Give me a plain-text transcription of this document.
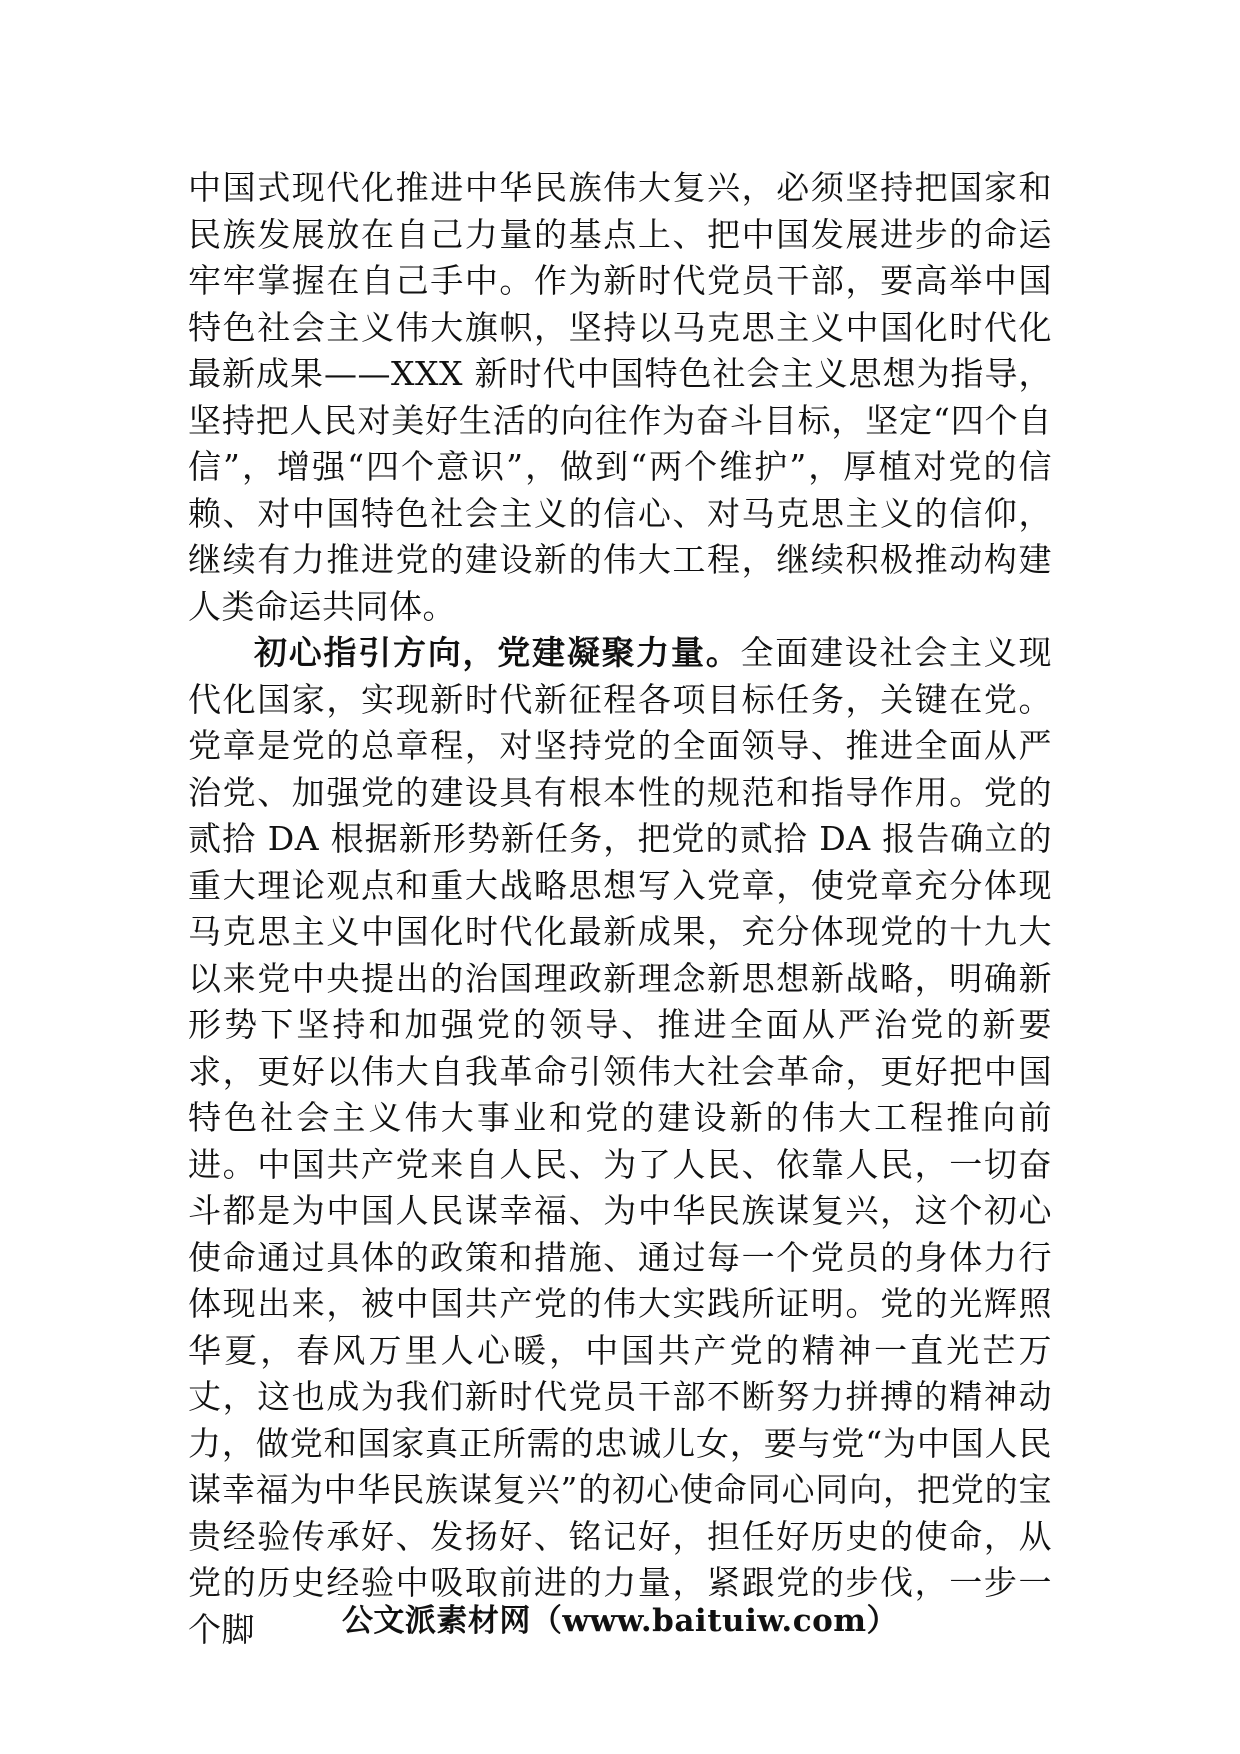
中国式现代化推进中华民族伟大复兴，必须坚持把国家和民族发展放在自己力量的基点上、把中国发展进步的命运牢牢掌握在自己手中。作为新时代党员干部，要高举中国特色社会主义伟大旗帜，坚持以马克思主义中国化时代化最新成果——XXX 新时代中国特色社会主义思想为指导，坚持把人民对美好生活的向往作为奋斗目标，坚定“四个自信”，增强“四个意识”，做到“两个维护”，厚植对党的信赖、对中国特色社会主义的信心、对马克思主义的信仰，继续有力推进党的建设新的伟大工程，继续积极推动构建人类命运共同体。

初心指引方向，党建凝聚力量。全面建设社会主义现代化国家，实现新时代新征程各项目标任务，关键在党。党章是党的总章程，对坚持党的全面领导、推进全面从严治党、加强党的建设具有根本性的规范和指导作用。党的贰拾 DA 根据新形势新任务，把党的贰拾 DA 报告确立的重大理论观点和重大战略思想写入党章，使党章充分体现马克思主义中国化时代化最新成果，充分体现党的十九大以来党中央提出的治国理政新理念新思想新战略，明确新形势下坚持和加强党的领导、推进全面从严治党的新要求，更好以伟大自我革命引领伟大社会革命，更好把中国特色社会主义伟大事业和党的建设新的伟大工程推向前进。中国共产党来自人民、为了人民、依靠人民，一切奋斗都是为中国人民谋幸福、为中华民族谋复兴，这个初心使命通过具体的政策和措施、通过每一个党员的身体力行体现出来，被中国共产党的伟大实践所证明。党的光辉照华夏，春风万里人心暖，中国共产党的精神一直光芒万丈，这也成为我们新时代党员干部不断努力拼搏的精神动力，做党和国家真正所需的忠诚儿女，要与党“为中国人民谋幸福为中华民族谋复兴”的初心使命同心同向，把党的宝贵经验传承好、发扬好、铭记好，担任好历史的使命，从党的历史经验中吸取前进的力量，紧跟党的步伐，一步一个脚	公文派素材网（www.baituiw.com）
